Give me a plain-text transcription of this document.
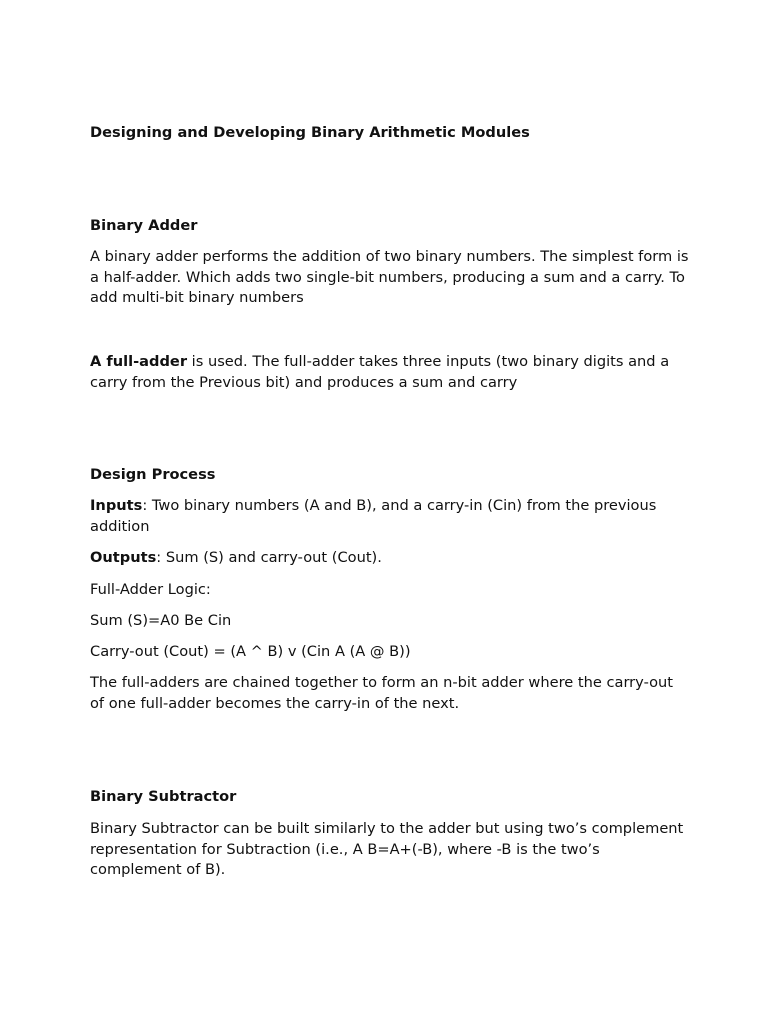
Designing and Developing Binary Arithmetic Modules
Binary Adder
A binary adder performs the addition of two binary numbers. The simplest form is a half-adder. Which adds two single-bit numbers, producing a sum and a carry. To add multi-bit binary numbers
A full-adder is used. The full-adder takes three inputs (two binary digits and a carry from the Previous bit) and produces a sum and carry
Design Process
Inputs: Two binary numbers (A and B), and a carry-in (Cin) from the previous addition
Outputs: Sum (S) and carry-out (Cout).
Full-Adder Logic:
Sum (S)=A0 Be Cin
Carry-out (Cout) = (A ^ B) v (Cin A (A @ B))
The full-adders are chained together to form an n-bit adder where the carry-out of one full-adder becomes the carry-in of the next.
Binary Subtractor
Binary Subtractor can be built similarly to the adder but using two’s complement representation for Subtraction (i.e., A B=A+(-B), where -B is the two’s complement of B).
